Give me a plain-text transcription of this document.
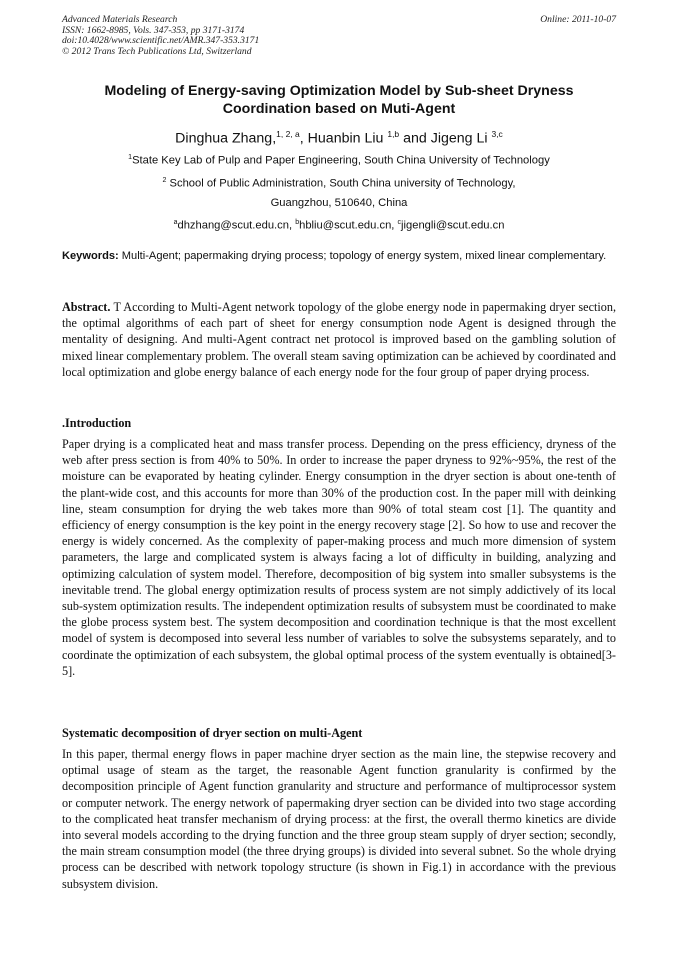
Advanced Materials Research
ISSN: 1662-8985, Vols. 347-353, pp 3171-3174
doi:10.4028/www.scientific.net/AMR.347-353.3171
© 2012 Trans Tech Publications Ltd, Switzerland
Online: 2011-10-07
Modeling of Energy-saving Optimization Model by Sub-sheet Dryness Coordination based on Muti-Agent
Dinghua Zhang,$^{1, 2, a}$, Huanbin Liu $^{1,b}$ and Jigeng Li $^{3,c}$
$^1$State Key Lab of Pulp and Paper Engineering, South China University of Technology
$^2$ School of Public Administration, South China university of Technology,
Guangzhou, 510640, China
$^a$dhzhang@scut.edu.cn, $^b$hbliu@scut.edu.cn, $^c$jigengli@scut.edu.cn
Keywords: Multi-Agent; papermaking drying process; topology of energy system, mixed linear complementary.
Abstract. T According to Multi-Agent network topology of the globe energy node in papermaking dryer section, the optimal algorithms of each part of sheet for energy consumption node Agent is designed through the mentality of designing. And multi-Agent contract net protocol is improved based on the gambling solution of mixed linear complementary problem. The overall steam saving optimization can be achieved by coordinated and local optimization and globe energy balance of each energy node for the four group of paper drying process.
.Introduction
Paper drying is a complicated heat and mass transfer process. Depending on the press efficiency, dryness of the web after press section is from 40% to 50%. In order to increase the paper dryness to 92%~95%, the rest of the moisture can be evaporated by heating cylinder. Energy consumption in the dryer section is about one-tenth of the plant-wide cost, and this accounts for more than 30% of the production cost. In the paper mill with deinking line, steam consumption for drying the web takes more than 90% of total steam cost [1]. The quantity and efficiency of energy consumption is the key point in the energy recovery stage [2]. So how to use and recover the energy is widely concerned. As the complexity of paper-making process and much more dimension of system parameters, the large and complicated system is always facing a lot of difficulty in building, analyzing and optimizing calculation of system model. Therefore, decomposition of big system into smaller subsystems is the inevitable trend. The global energy optimization results of process system are not simply addictively of its local sub-system optimization results. The independent optimization results of subsystem must be coordinated to make the globe process system best. The system decomposition and coordination technique is that the most excellent model of system is decomposed into several less number of variables to solve the subsystems separately, and to coordinate the optimization of each subsystem, the global optimal process of the system eventually is obtained[3-5].
Systematic decomposition of dryer section on multi-Agent
In this paper, thermal energy flows in paper machine dryer section as the main line, the stepwise recovery and optimal usage of steam as the target, the reasonable Agent function granularity is confirmed by the decomposition principle of Agent function granularity and structure and performance of multiprocessor system or computer network. The energy network of papermaking dryer section can be divided into two stage according to the complicated heat transfer mechanism of drying process: at the first, the overall thermo kinetics are divide into several models according to the drying function and the three group steam supply of dryer section; secondly, the main stream consumption model (the three drying groups) is divided into several subnet. So the whole drying process can be described with network topology structure (is shown in Fig.1) in accordance with the previous subsystem division.
